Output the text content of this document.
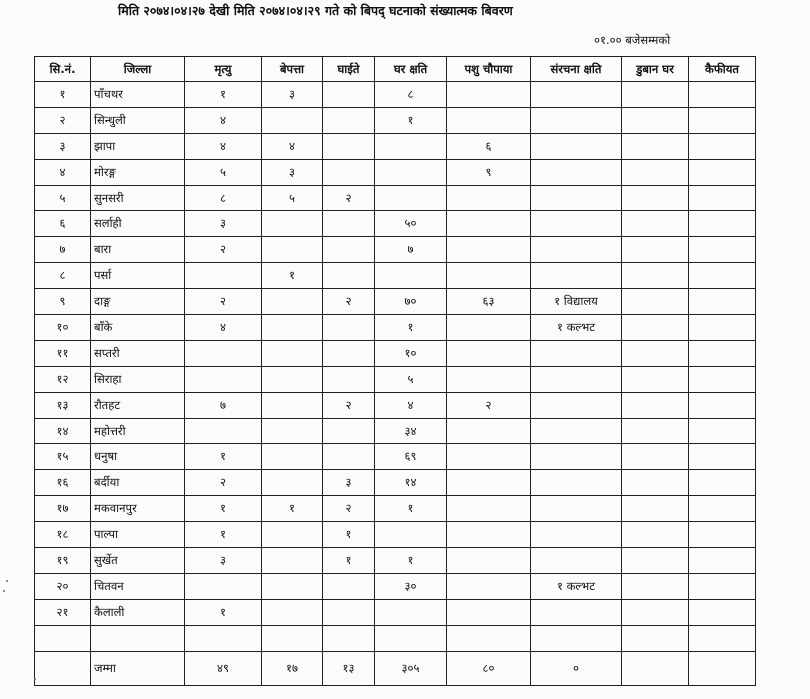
मिति २०७४।०४।२७ देखी मिति २०७४।०४।२९ गते को बिपद् घटनाको संख्यात्मक बिवरण
०१.०० बजेसम्मको
सि.नं.	जिल्ला	मृत्यु	बेपत्ता	घाईते	घर क्षति	पशु चौपाया	संरचना क्षति	डुबान घर	कैफीयत
१	पाँचथर	१	३		८				
२	सिन्धुली	४			१				
३	झापा	४	४			६			
४	मोरङ्ग	५	३			९			
५	सुनसरी	८	५	२					
६	सर्लाही	३			५०				
७	बारा	२			७				
८	पर्सा		१						
९	दाङ्ग	२		२	७०	६३	१ विद्यालय		
१०	बाँके	४			१		१ कल्भट		
११	सप्तरी				१०				
१२	सिराहा				५				
१३	रौतहट	७		२	४	२			
१४	महोत्तरी				३४				
१५	धनुषा	१			६९				
१६	बर्दीया	२		३	१४				
१७	मकवानपुर	१	१	२	१				
१८	पाल्पा	१		१					
१९	सुर्खेत	३		१	१				
२०	चितवन				३०		१ कल्भट		
२१	कैलाली	१							

	जम्मा	४९	१७	१३	३०५	८०	०		
